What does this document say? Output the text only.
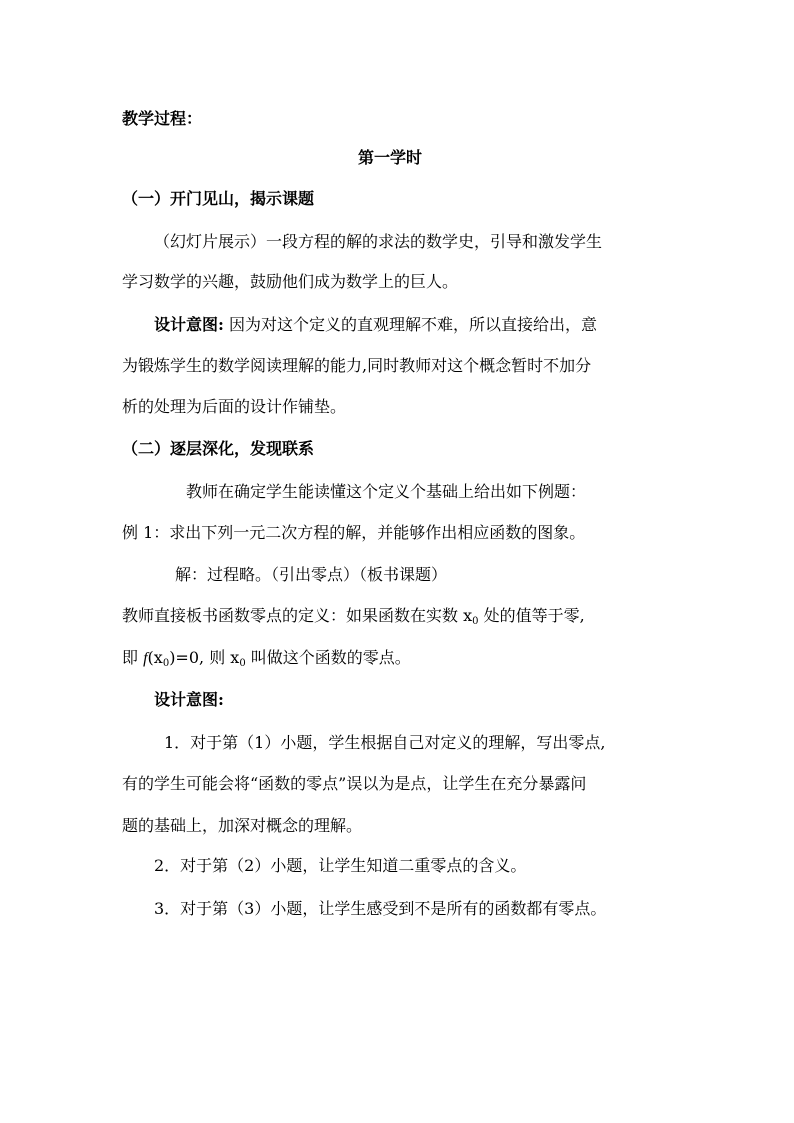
教学过程：
第一学时
（一）开门见山，揭示课题
（幻灯片展示）一段方程的解的求法的数学史，引导和激发学生
学习数学的兴趣，鼓励他们成为数学上的巨人。
设计意图: 因为对这个定义的直观理解不难，所以直接给出，意
为锻炼学生的数学阅读理解的能力,同时教师对这个概念暂时不加分
析的处理为后面的设计作铺垫。
（二）逐层深化，发现联系
教师在确定学生能读懂这个定义个基础上给出如下例题：
例 1：求出下列一元二次方程的解，并能够作出相应函数的图象。
解：过程略。（引出零点）（板书课题）
教师直接板书函数零点的定义：如果函数在实数 $x_0$ 处的值等于零,
即 $f(x_0)=0$, 则 $x_0$ 叫做这个函数的零点。
设计意图:
1．对于第（1）小题，学生根据自己对定义的理解，写出零点,
有的学生可能会将“函数的零点”误以为是点，让学生在充分暴露问
题的基础上，加深对概念的理解。
2．对于第（2）小题，让学生知道二重零点的含义。
3．对于第（3）小题，让学生感受到不是所有的函数都有零点。
